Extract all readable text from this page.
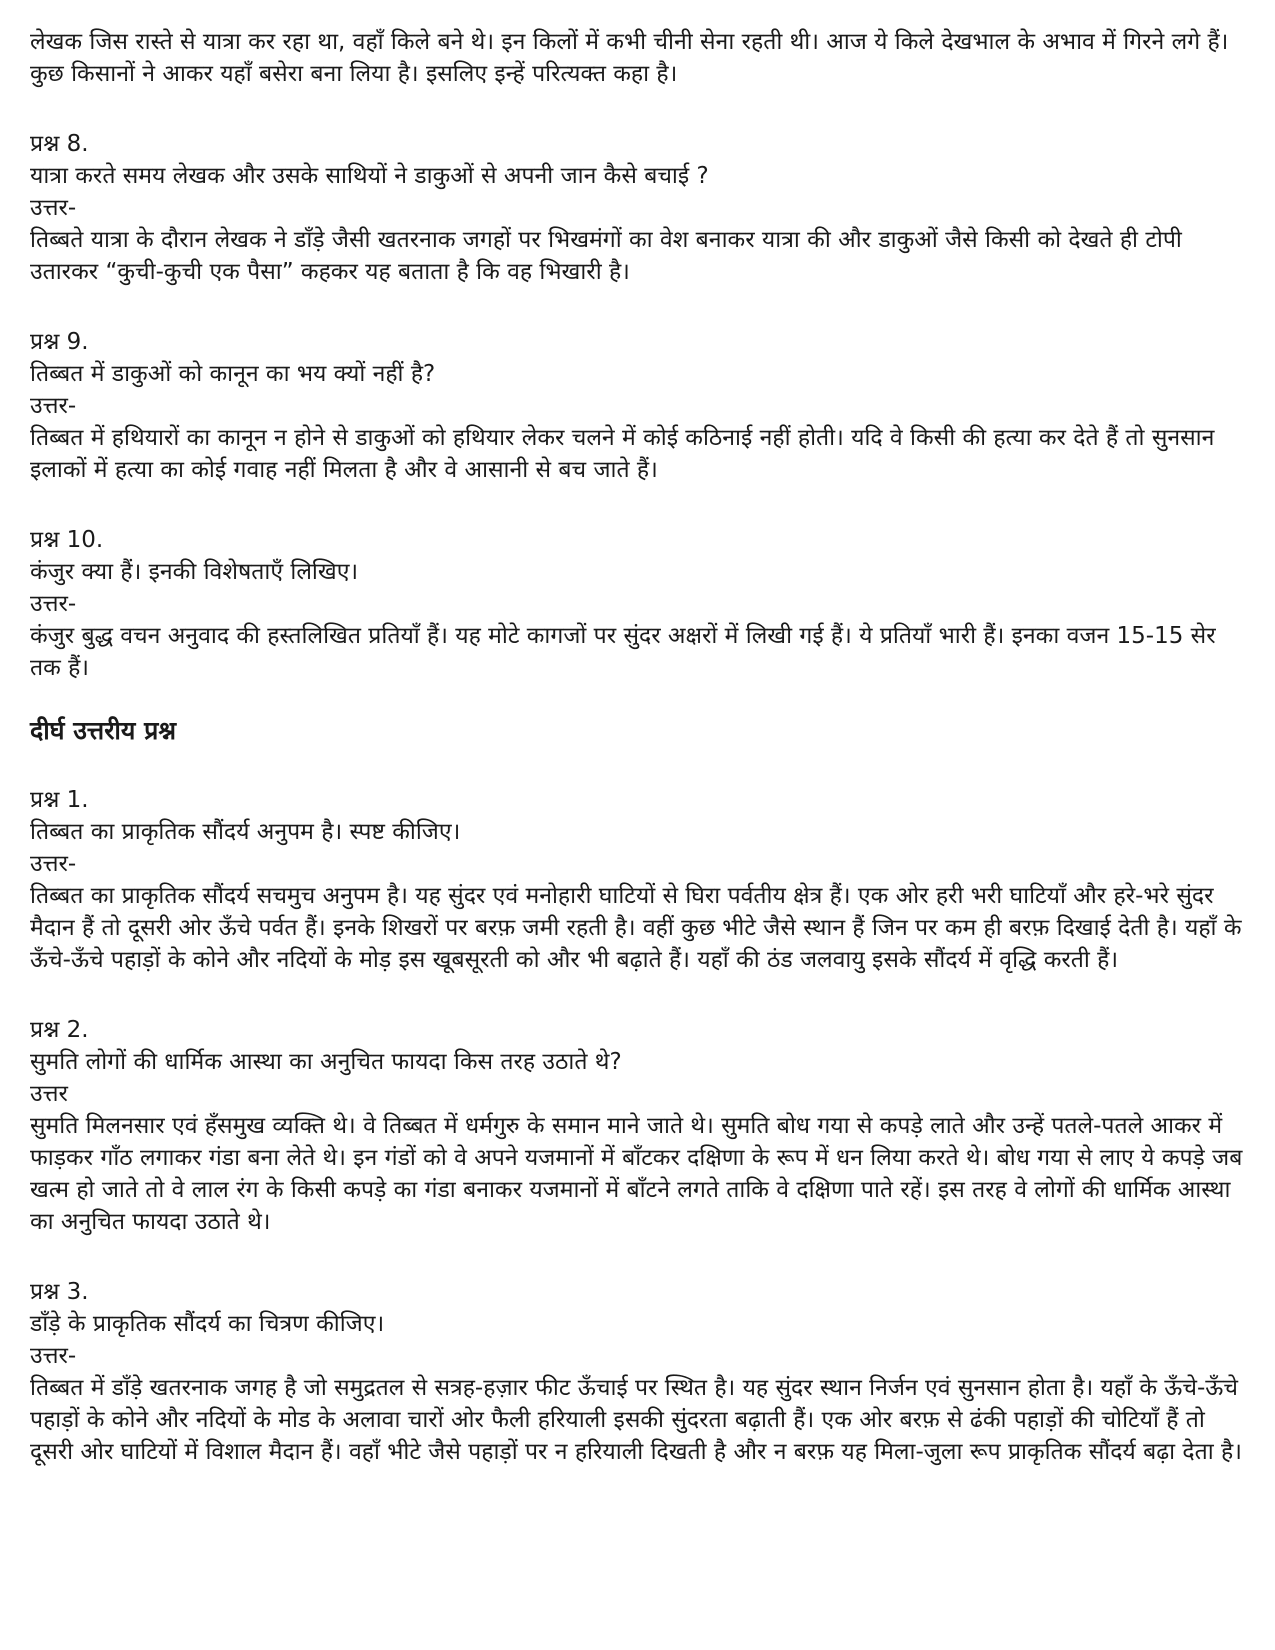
लेखक जिस रास्ते से यात्रा कर रहा था, वहाँ किले बने थे। इन किलों में कभी चीनी सेना रहती थी। आज ये किले देखभाल के अभाव में गिरने लगे हैं। कुछ किसानों ने आकर यहाँ बसेरा बना लिया है। इसलिए इन्हें परित्यक्त कहा है।

प्रश्न 8.

यात्रा करते समय लेखक और उसके साथियों ने डाकुओं से अपनी जान कैसे बचाई ?

उत्तर-

तिब्बते यात्रा के दौरान लेखक ने डाँड़े जैसी खतरनाक जगहों पर भिखमंगों का वेश बनाकर यात्रा की और डाकुओं जैसे किसी को देखते ही टोपी उतारकर “कुची-कुची एक पैसा” कहकर यह बताता है कि वह भिखारी है।

प्रश्न 9.

तिब्बत में डाकुओं को कानून का भय क्यों नहीं है?

उत्तर-

तिब्बत में हथियारों का कानून न होने से डाकुओं को हथियार लेकर चलने में कोई कठिनाई नहीं होती। यदि वे किसी की हत्या कर देते हैं तो सुनसान इलाकों में हत्या का कोई गवाह नहीं मिलता है और वे आसानी से बच जाते हैं।

प्रश्न 10.

कंजुर क्या हैं। इनकी विशेषताएँ लिखिए।

उत्तर-

कंजुर बुद्ध वचन अनुवाद की हस्तलिखित प्रतियाँ हैं। यह मोटे कागजों पर सुंदर अक्षरों में लिखी गई हैं। ये प्रतियाँ भारी हैं। इनका वजन 15-15 सेर तक हैं।

दीर्घ उत्तरीय प्रश्न

प्रश्न 1.

तिब्बत का प्राकृतिक सौंदर्य अनुपम है। स्पष्ट कीजिए।

उत्तर-

तिब्बत का प्राकृतिक सौंदर्य सचमुच अनुपम है। यह सुंदर एवं मनोहारी घाटियों से घिरा पर्वतीय क्षेत्र हैं। एक ओर हरी भरी घाटियाँ और हरे-भरे सुंदर मैदान हैं तो दूसरी ओर ऊँचे पर्वत हैं। इनके शिखरों पर बरफ़ जमी रहती है। वहीं कुछ भीटे जैसे स्थान हैं जिन पर कम ही बरफ़ दिखाई देती है। यहाँ के ऊँचे-ऊँचे पहाड़ों के कोने और नदियों के मोड़ इस खूबसूरती को और भी बढ़ाते हैं। यहाँ की ठंड जलवायु इसके सौंदर्य में वृद्धि करती हैं।

प्रश्न 2.

सुमति लोगों की धार्मिक आस्था का अनुचित फायदा किस तरह उठाते थे?

उत्तर

सुमति मिलनसार एवं हँसमुख व्यक्ति थे। वे तिब्बत में धर्मगुरु के समान माने जाते थे। सुमति बोध गया से कपड़े लाते और उन्हें पतले-पतले आकर में फाड़कर गाँठ लगाकर गंडा बना लेते थे। इन गंडों को वे अपने यजमानों में बाँटकर दक्षिणा के रूप में धन लिया करते थे। बोध गया से लाए ये कपड़े जब खत्म हो जाते तो वे लाल रंग के किसी कपड़े का गंडा बनाकर यजमानों में बाँटने लगते ताकि वे दक्षिणा पाते रहें। इस तरह वे लोगों की धार्मिक आस्था का अनुचित फायदा उठाते थे।

प्रश्न 3.

डाँड़े के प्राकृतिक सौंदर्य का चित्रण कीजिए।

उत्तर-

तिब्बत में डाँड़े खतरनाक जगह है जो समुद्रतल से सत्रह-हज़ार फीट ऊँचाई पर स्थित है। यह सुंदर स्थान निर्जन एवं सुनसान होता है। यहाँ के ऊँचे-ऊँचे पहाड़ों के कोने और नदियों के मोड के अलावा चारों ओर फैली हरियाली इसकी सुंदरता बढ़ाती हैं। एक ओर बरफ़ से ढंकी पहाड़ों की चोटियाँ हैं तो दूसरी ओर घाटियों में विशाल मैदान हैं। वहाँ भीटे जैसे पहाड़ों पर न हरियाली दिखती है और न बरफ़ यह मिला-जुला रूप प्राकृतिक सौंदर्य बढ़ा देता है।
